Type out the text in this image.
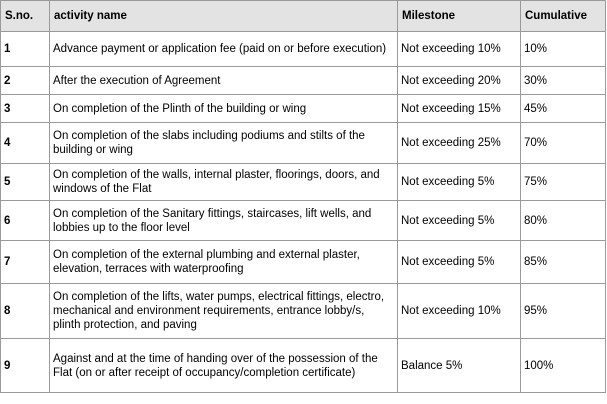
S.no.	activity name	Milestone	Cumulative
1	Advance payment or application fee (paid on or before execution)	Not exceeding 10%	10%
2	After the execution of Agreement	Not exceeding 20%	30%
3	On completion of the Plinth of the building or wing	Not exceeding 15%	45%
4	On completion of the slabs including podiums and stilts of the building or wing	Not exceeding 25%	70%
5	On completion of the walls, internal plaster, floorings, doors, and windows of the Flat	Not exceeding 5%	75%
6	On completion of the Sanitary fittings, staircases, lift wells, and lobbies up to the floor level	Not exceeding 5%	80%
7	On completion of the external plumbing and external plaster, elevation, terraces with waterproofing	Not exceeding 5%	85%
8	On completion of the lifts, water pumps, electrical fittings, electro, mechanical and environment requirements, entrance lobby/s, plinth protection, and paving	Not exceeding 10%	95%
9	Against and at the time of handing over of the possession of the Flat (on or after receipt of occupancy/completion certificate)	Balance 5%	100%
